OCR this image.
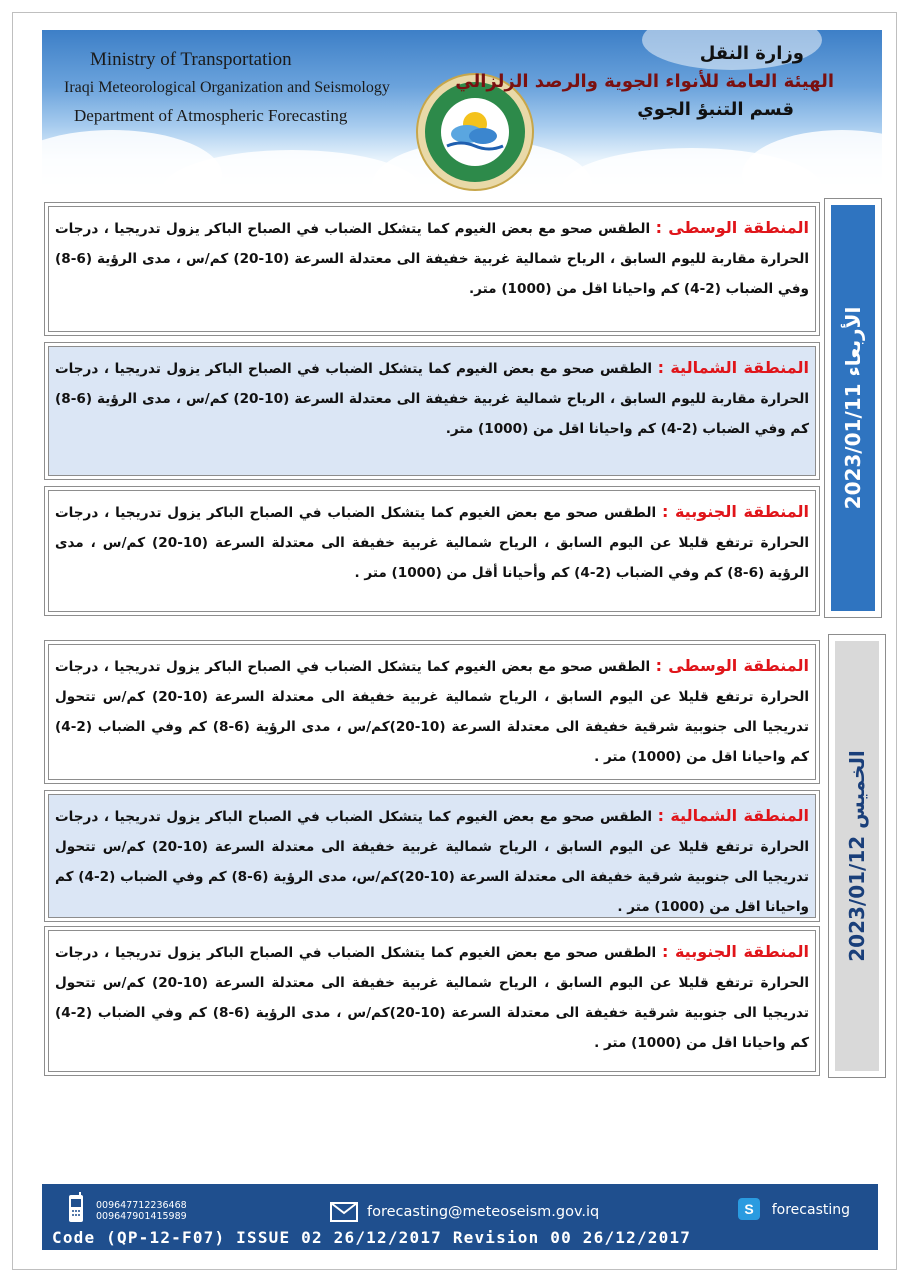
Ministry of Transportation
Iraqi Meteorological Organization and Seismology
Department of Atmospheric Forecasting
وزارة النقل
الهيئة العامة للأنواء الجوية والرصد الزلزالي
قسم التنبؤ الجوي
المنطقة الوسطى : الطقس صحو مع بعض الغيوم كما يتشكل الضباب في الصباح الباكر يزول تدريجيا ، درجات الحرارة مقاربة لليوم السابق ، الرياح شمالية غربية خفيفة الى معتدلة السرعة (10-20) كم/س ، مدى الرؤية (6-8) وفي الضباب (2-4) كم واحيانا اقل من (1000) متر.
المنطقة الشمالية : الطقس صحو مع بعض الغيوم كما يتشكل الضباب في الصباح الباكر يزول تدريجيا ، درجات الحرارة مقاربة لليوم السابق ، الرياح شمالية غربية خفيفة الى معتدلة السرعة (10-20) كم/س ، مدى الرؤية (6-8) كم وفي الضباب (2-4) كم واحيانا اقل من (1000) متر.
المنطقة الجنوبية : الطقس صحو مع بعض الغيوم كما يتشكل الضباب في الصباح الباكر يزول تدريجيا ، درجات الحرارة ترتفع قليلا عن اليوم السابق ، الرياح شمالية غربية خفيفة الى معتدلة السرعة (10-20) كم/س ، مدى الرؤية (6-8) كم وفي الضباب (2-4) كم وأحيانا أقل من (1000) متر .
الأربعاء 2023/01/11
المنطقة الوسطى : الطقس صحو مع بعض الغيوم كما يتشكل الضباب في الصباح الباكر يزول تدريجيا ، درجات الحرارة ترتفع قليلا عن اليوم السابق ، الرياح شمالية غربية خفيفة الى معتدلة السرعة (10-20) كم/س تتحول تدريجيا الى جنوبية شرقية خفيفة الى معتدلة السرعة (10-20)كم/س ، مدى الرؤية (6-8) كم وفي الضباب (2-4) كم واحيانا اقل من (1000) متر .
المنطقة الشمالية : الطقس صحو مع بعض الغيوم كما يتشكل الضباب في الصباح الباكر يزول تدريجيا ، درجات الحرارة ترتفع قليلا عن اليوم السابق ، الرياح شمالية غربية خفيفة الى معتدلة السرعة (10-20) كم/س تتحول تدريجيا الى جنوبية شرقية خفيفة الى معتدلة السرعة (10-20)كم/س، مدى الرؤية (6-8) كم وفي الضباب (2-4) كم واحيانا اقل من (1000) متر .
المنطقة الجنوبية : الطقس صحو مع بعض الغيوم كما يتشكل الضباب في الصباح الباكر يزول تدريجيا ، درجات الحرارة ترتفع قليلا عن اليوم السابق ، الرياح شمالية غربية خفيفة الى معتدلة السرعة (10-20) كم/س تتحول تدريجيا الى جنوبية شرقية خفيفة الى معتدلة السرعة (10-20)كم/س ، مدى الرؤية (6-8) كم وفي الضباب (2-4) كم واحيانا اقل من (1000) متر .
الخميس 2023/01/12
009647712236468
009647901415989	forecasting@meteoseism.gov.iq	S forecasting
Code (QP-12-F07) ISSUE 02 26/12/2017 Revision 00 26/12/2017
